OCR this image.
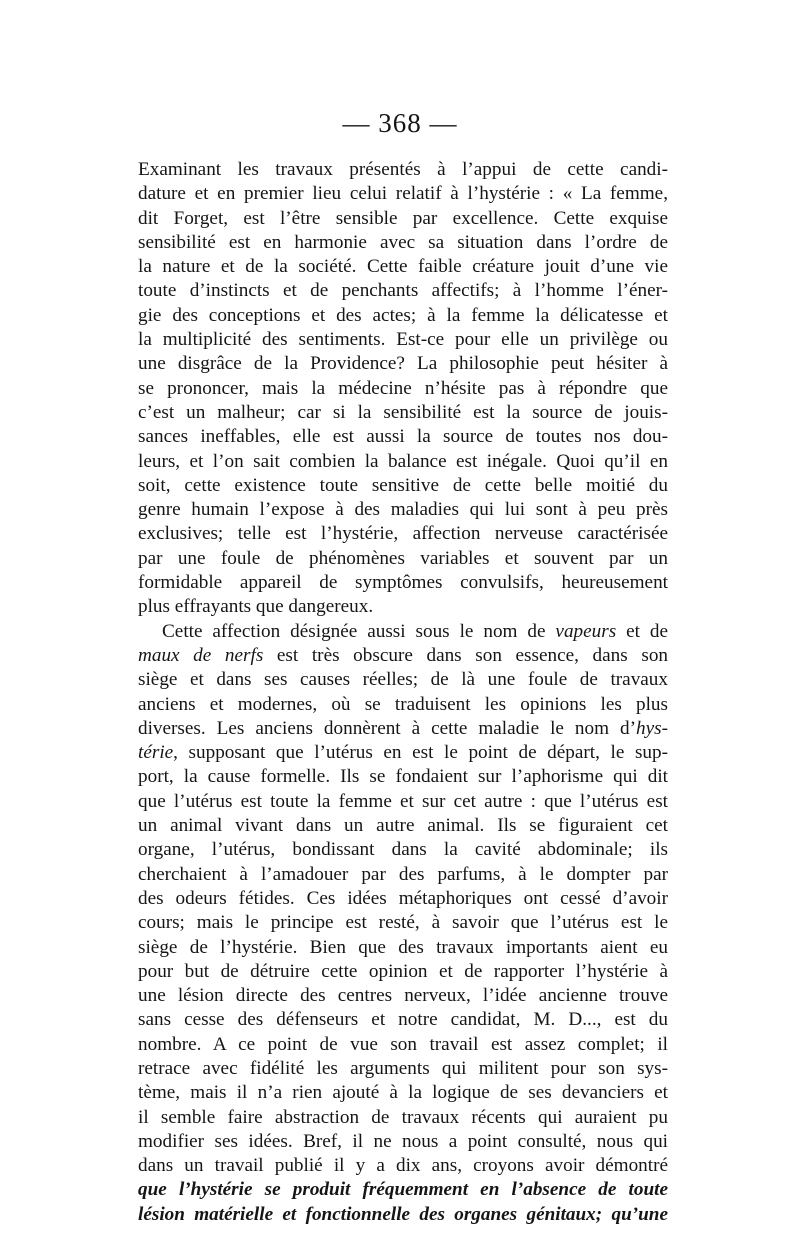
— 368 —
Examinant les travaux présentés à l’appui de cette candi-
dature et en premier lieu celui relatif à l’hystérie : « La femme,
dit Forget, est l’être sensible par excellence. Cette exquise
sensibilité est en harmonie avec sa situation dans l’ordre de
la nature et de la société. Cette faible créature jouit d’une vie
toute d’instincts et de penchants affectifs; à l’homme l’éner-
gie des conceptions et des actes; à la femme la délicatesse et
la multiplicité des sentiments. Est-ce pour elle un privilège ou
une disgrâce de la Providence? La philosophie peut hésiter à
se prononcer, mais la médecine n’hésite pas à répondre que
c’est un malheur; car si la sensibilité est la source de jouis-
sances ineffables, elle est aussi la source de toutes nos dou-
leurs, et l’on sait combien la balance est inégale. Quoi qu’il en
soit, cette existence toute sensitive de cette belle moitié du
genre humain l’expose à des maladies qui lui sont à peu près
exclusives; telle est l’hystérie, affection nerveuse caractérisée
par une foule de phénomènes variables et souvent par un
formidable appareil de symptômes convulsifs, heureusement
plus effrayants que dangereux.
Cette affection désignée aussi sous le nom de vapeurs et de
maux de nerfs est très obscure dans son essence, dans son
siège et dans ses causes réelles; de là une foule de travaux
anciens et modernes, où se traduisent les opinions les plus
diverses. Les anciens donnèrent à cette maladie le nom d’hys-
térie, supposant que l’utérus en est le point de départ, le sup-
port, la cause formelle. Ils se fondaient sur l’aphorisme qui dit
que l’utérus est toute la femme et sur cet autre : que l’utérus est
un animal vivant dans un autre animal. Ils se figuraient cet
organe, l’utérus, bondissant dans la cavité abdominale; ils
cherchaient à l’amadouer par des parfums, à le dompter par
des odeurs fétides. Ces idées métaphoriques ont cessé d’avoir
cours; mais le principe est resté, à savoir que l’utérus est le
siège de l’hystérie. Bien que des travaux importants aient eu
pour but de détruire cette opinion et de rapporter l’hystérie à
une lésion directe des centres nerveux, l’idée ancienne trouve
sans cesse des défenseurs et notre candidat, M. D..., est du
nombre. A ce point de vue son travail est assez complet; il
retrace avec fidélité les arguments qui militent pour son sys-
tème, mais il n’a rien ajouté à la logique de ses devanciers et
il semble faire abstraction de travaux récents qui auraient pu
modifier ses idées. Bref, il ne nous a point consulté, nous qui
dans un travail publié il y a dix ans, croyons avoir démontré
que l’hystérie se produit fréquemment en l’absence de toute
lésion matérielle et fonctionnelle des organes génitaux; qu’une
